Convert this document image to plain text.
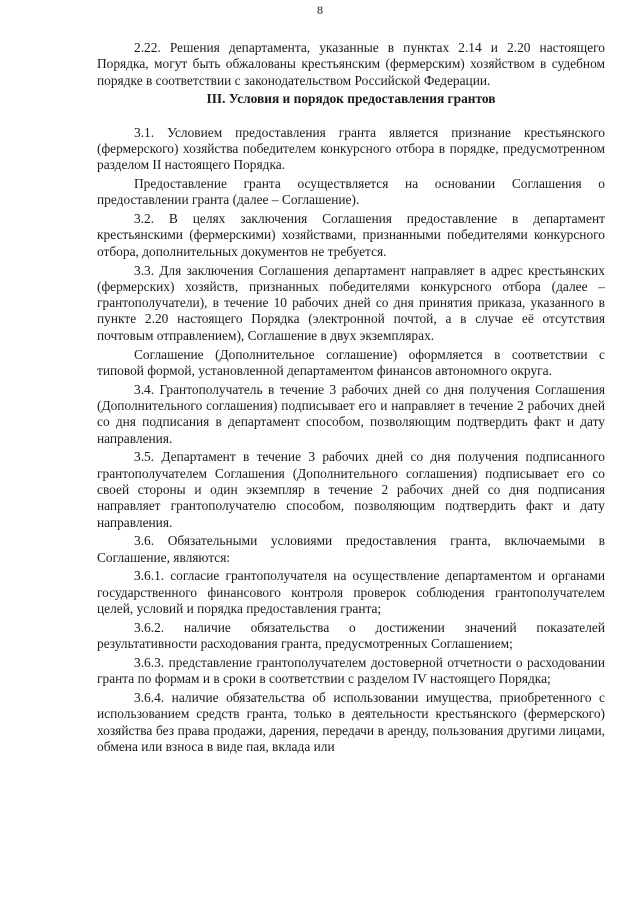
8

2.22. Решения департамента, указанные в пунктах 2.14 и 2.20 настоящего Порядка, могут быть обжалованы крестьянским (фермерским) хозяйством в судебном порядке в соответствии с законодательством Российской Федерации.

III. Условия и порядок предоставления грантов

3.1. Условием предоставления гранта является признание крестьянского (фермерского) хозяйства победителем конкурсного отбора в порядке, предусмотренном разделом II настоящего Порядка.

Предоставление гранта осуществляется на основании Соглашения о предоставлении гранта (далее – Соглашение).

3.2. В целях заключения Соглашения предоставление в департамент крестьянскими (фермерскими) хозяйствами, признанными победителями конкурсного отбора, дополнительных документов не требуется.

3.3. Для заключения Соглашения департамент направляет в адрес крестьянских (фермерских) хозяйств, признанных победителями конкурсного отбора (далее – грантополучатели), в течение 10 рабочих дней со дня принятия приказа, указанного в пункте 2.20 настоящего Порядка (электронной почтой, а в случае её отсутствия почтовым отправлением), Соглашение в двух экземплярах.

Соглашение (Дополнительное соглашение) оформляется в соответствии с типовой формой, установленной департаментом финансов автономного округа.

3.4. Грантополучатель в течение 3 рабочих дней со дня получения Соглашения (Дополнительного соглашения) подписывает его и направляет в течение 2 рабочих дней со дня подписания в департамент способом, позволяющим подтвердить факт и дату направления.

3.5. Департамент в течение 3 рабочих дней со дня получения подписанного грантополучателем Соглашения (Дополнительного соглашения) подписывает его со своей стороны и один экземпляр в течение 2 рабочих дней со дня подписания направляет грантополучателю способом, позволяющим подтвердить факт и дату направления.

3.6. Обязательными условиями предоставления гранта, включаемыми в Соглашение, являются:

3.6.1. согласие грантополучателя на осуществление департаментом и органами государственного финансового контроля проверок соблюдения грантополучателем целей, условий и порядка предоставления гранта;

3.6.2. наличие обязательства о достижении значений показателей результативности расходования гранта, предусмотренных Соглашением;

3.6.3. представление грантополучателем достоверной отчетности о расходовании гранта по формам и в сроки в соответствии с разделом IV настоящего Порядка;

3.6.4. наличие обязательства об использовании имущества, приобретенного с использованием средств гранта, только в деятельности крестьянского (фермерского) хозяйства без права продажи, дарения, передачи в аренду, пользования другими лицами, обмена или взноса в виде пая, вклада или
